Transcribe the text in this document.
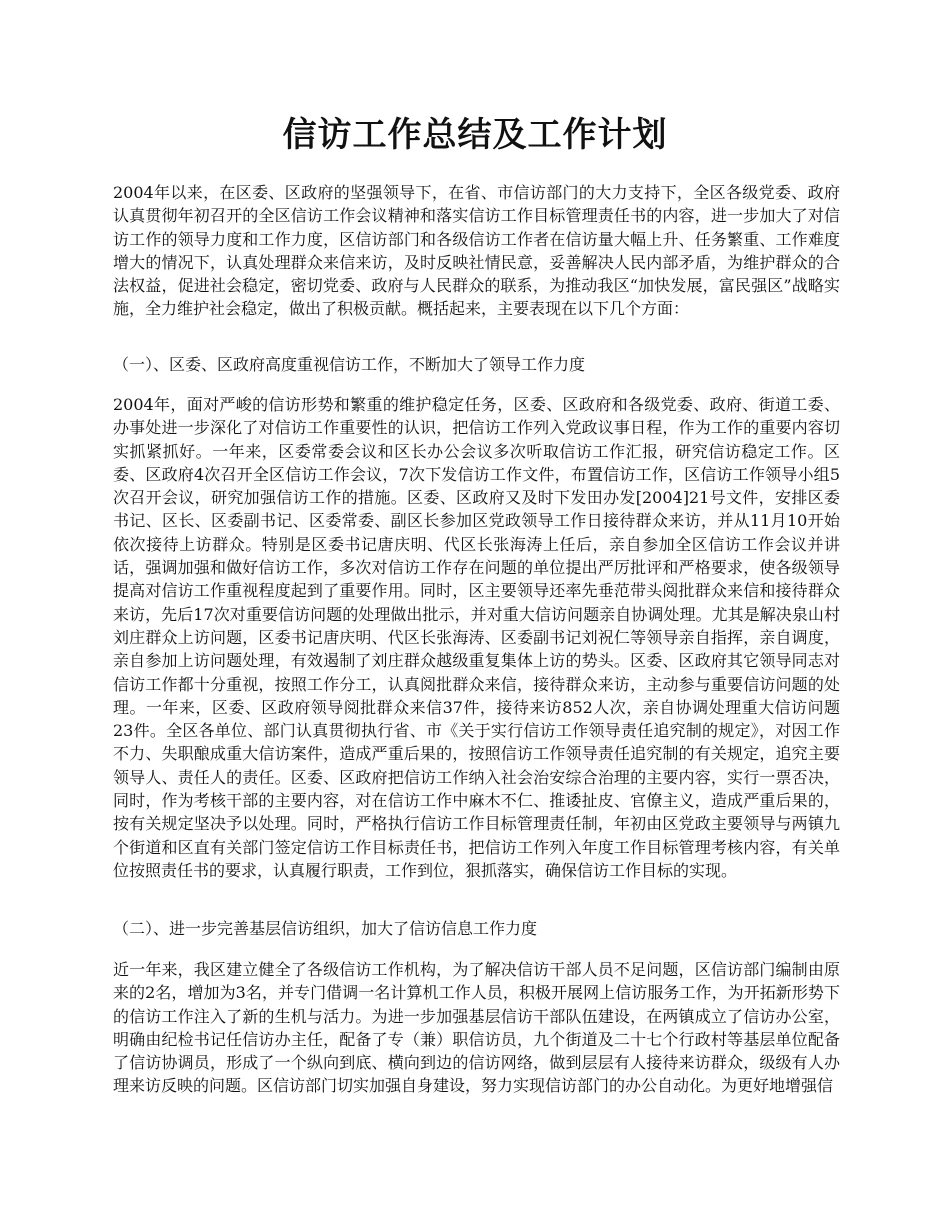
信访工作总结及工作计划

2004年以来，在区委、区政府的坚强领导下，在省、市信访部门的大力支持下，全区各级党委、政府认真贯彻年初召开的全区信访工作会议精神和落实信访工作目标管理责任书的内容，进一步加大了对信访工作的领导力度和工作力度，区信访部门和各级信访工作者在信访量大幅上升、任务繁重、工作难度增大的情况下，认真处理群众来信来访，及时反映社情民意，妥善解决人民内部矛盾，为维护群众的合法权益，促进社会稳定，密切党委、政府与人民群众的联系，为推动我区“加快发展，富民强区”战略实施，全力维护社会稳定，做出了积极贡献。概括起来，主要表现在以下几个方面：

（一）、区委、区政府高度重视信访工作，不断加大了领导工作力度

2004年，面对严峻的信访形势和繁重的维护稳定任务，区委、区政府和各级党委、政府、街道工委、办事处进一步深化了对信访工作重要性的认识，把信访工作列入党政议事日程，作为工作的重要内容切实抓紧抓好。一年来，区委常委会议和区长办公会议多次听取信访工作汇报，研究信访稳定工作。区委、区政府4次召开全区信访工作会议，7次下发信访工作文件，布置信访工作，区信访工作领导小组5次召开会议，研究加强信访工作的措施。区委、区政府又及时下发田办发[2004]21号文件，安排区委书记、区长、区委副书记、区委常委、副区长参加区党政领导工作日接待群众来访，并从11月10开始依次接待上访群众。特别是区委书记唐庆明、代区长张海涛上任后，亲自参加全区信访工作会议并讲话，强调加强和做好信访工作，多次对信访工作存在问题的单位提出严厉批评和严格要求，使各级领导提高对信访工作重视程度起到了重要作用。同时，区主要领导还率先垂范带头阅批群众来信和接待群众来访，先后17次对重要信访问题的处理做出批示，并对重大信访问题亲自协调处理。尤其是解决泉山村刘庄群众上访问题，区委书记唐庆明、代区长张海涛、区委副书记刘祝仁等领导亲自指挥，亲自调度，亲自参加上访问题处理，有效遏制了刘庄群众越级重复集体上访的势头。区委、区政府其它领导同志对信访工作都十分重视，按照工作分工，认真阅批群众来信，接待群众来访，主动参与重要信访问题的处理。一年来，区委、区政府领导阅批群众来信37件，接待来访852人次，亲自协调处理重大信访问题23件。全区各单位、部门认真贯彻执行省、市《关于实行信访工作领导责任追究制的规定》，对因工作不力、失职酿成重大信访案件，造成严重后果的，按照信访工作领导责任追究制的有关规定，追究主要领导人、责任人的责任。区委、区政府把信访工作纳入社会治安综合治理的主要内容，实行一票否决，同时，作为考核干部的主要内容，对在信访工作中麻木不仁、推诿扯皮、官僚主义，造成严重后果的，按有关规定坚决予以处理。同时，严格执行信访工作目标管理责任制，年初由区党政主要领导与两镇九个街道和区直有关部门签定信访工作目标责任书，把信访工作列入年度工作目标管理考核内容，有关单位按照责任书的要求，认真履行职责，工作到位，狠抓落实，确保信访工作目标的实现。

（二）、进一步完善基层信访组织，加大了信访信息工作力度

近一年来，我区建立健全了各级信访工作机构，为了解决信访干部人员不足问题，区信访部门编制由原来的2名，增加为3名，并专门借调一名计算机工作人员，积极开展网上信访服务工作，为开拓新形势下的信访工作注入了新的生机与活力。为进一步加强基层信访干部队伍建设，在两镇成立了信访办公室，明确由纪检书记任信访办主任，配备了专（兼）职信访员，九个街道及二十七个行政村等基层单位配备了信访协调员，形成了一个纵向到底、横向到边的信访网络，做到层层有人接待来访群众，级级有人办理来访反映的问题。区信访部门切实加强自身建设，努力实现信访部门的办公自动化。为更好地增强信
